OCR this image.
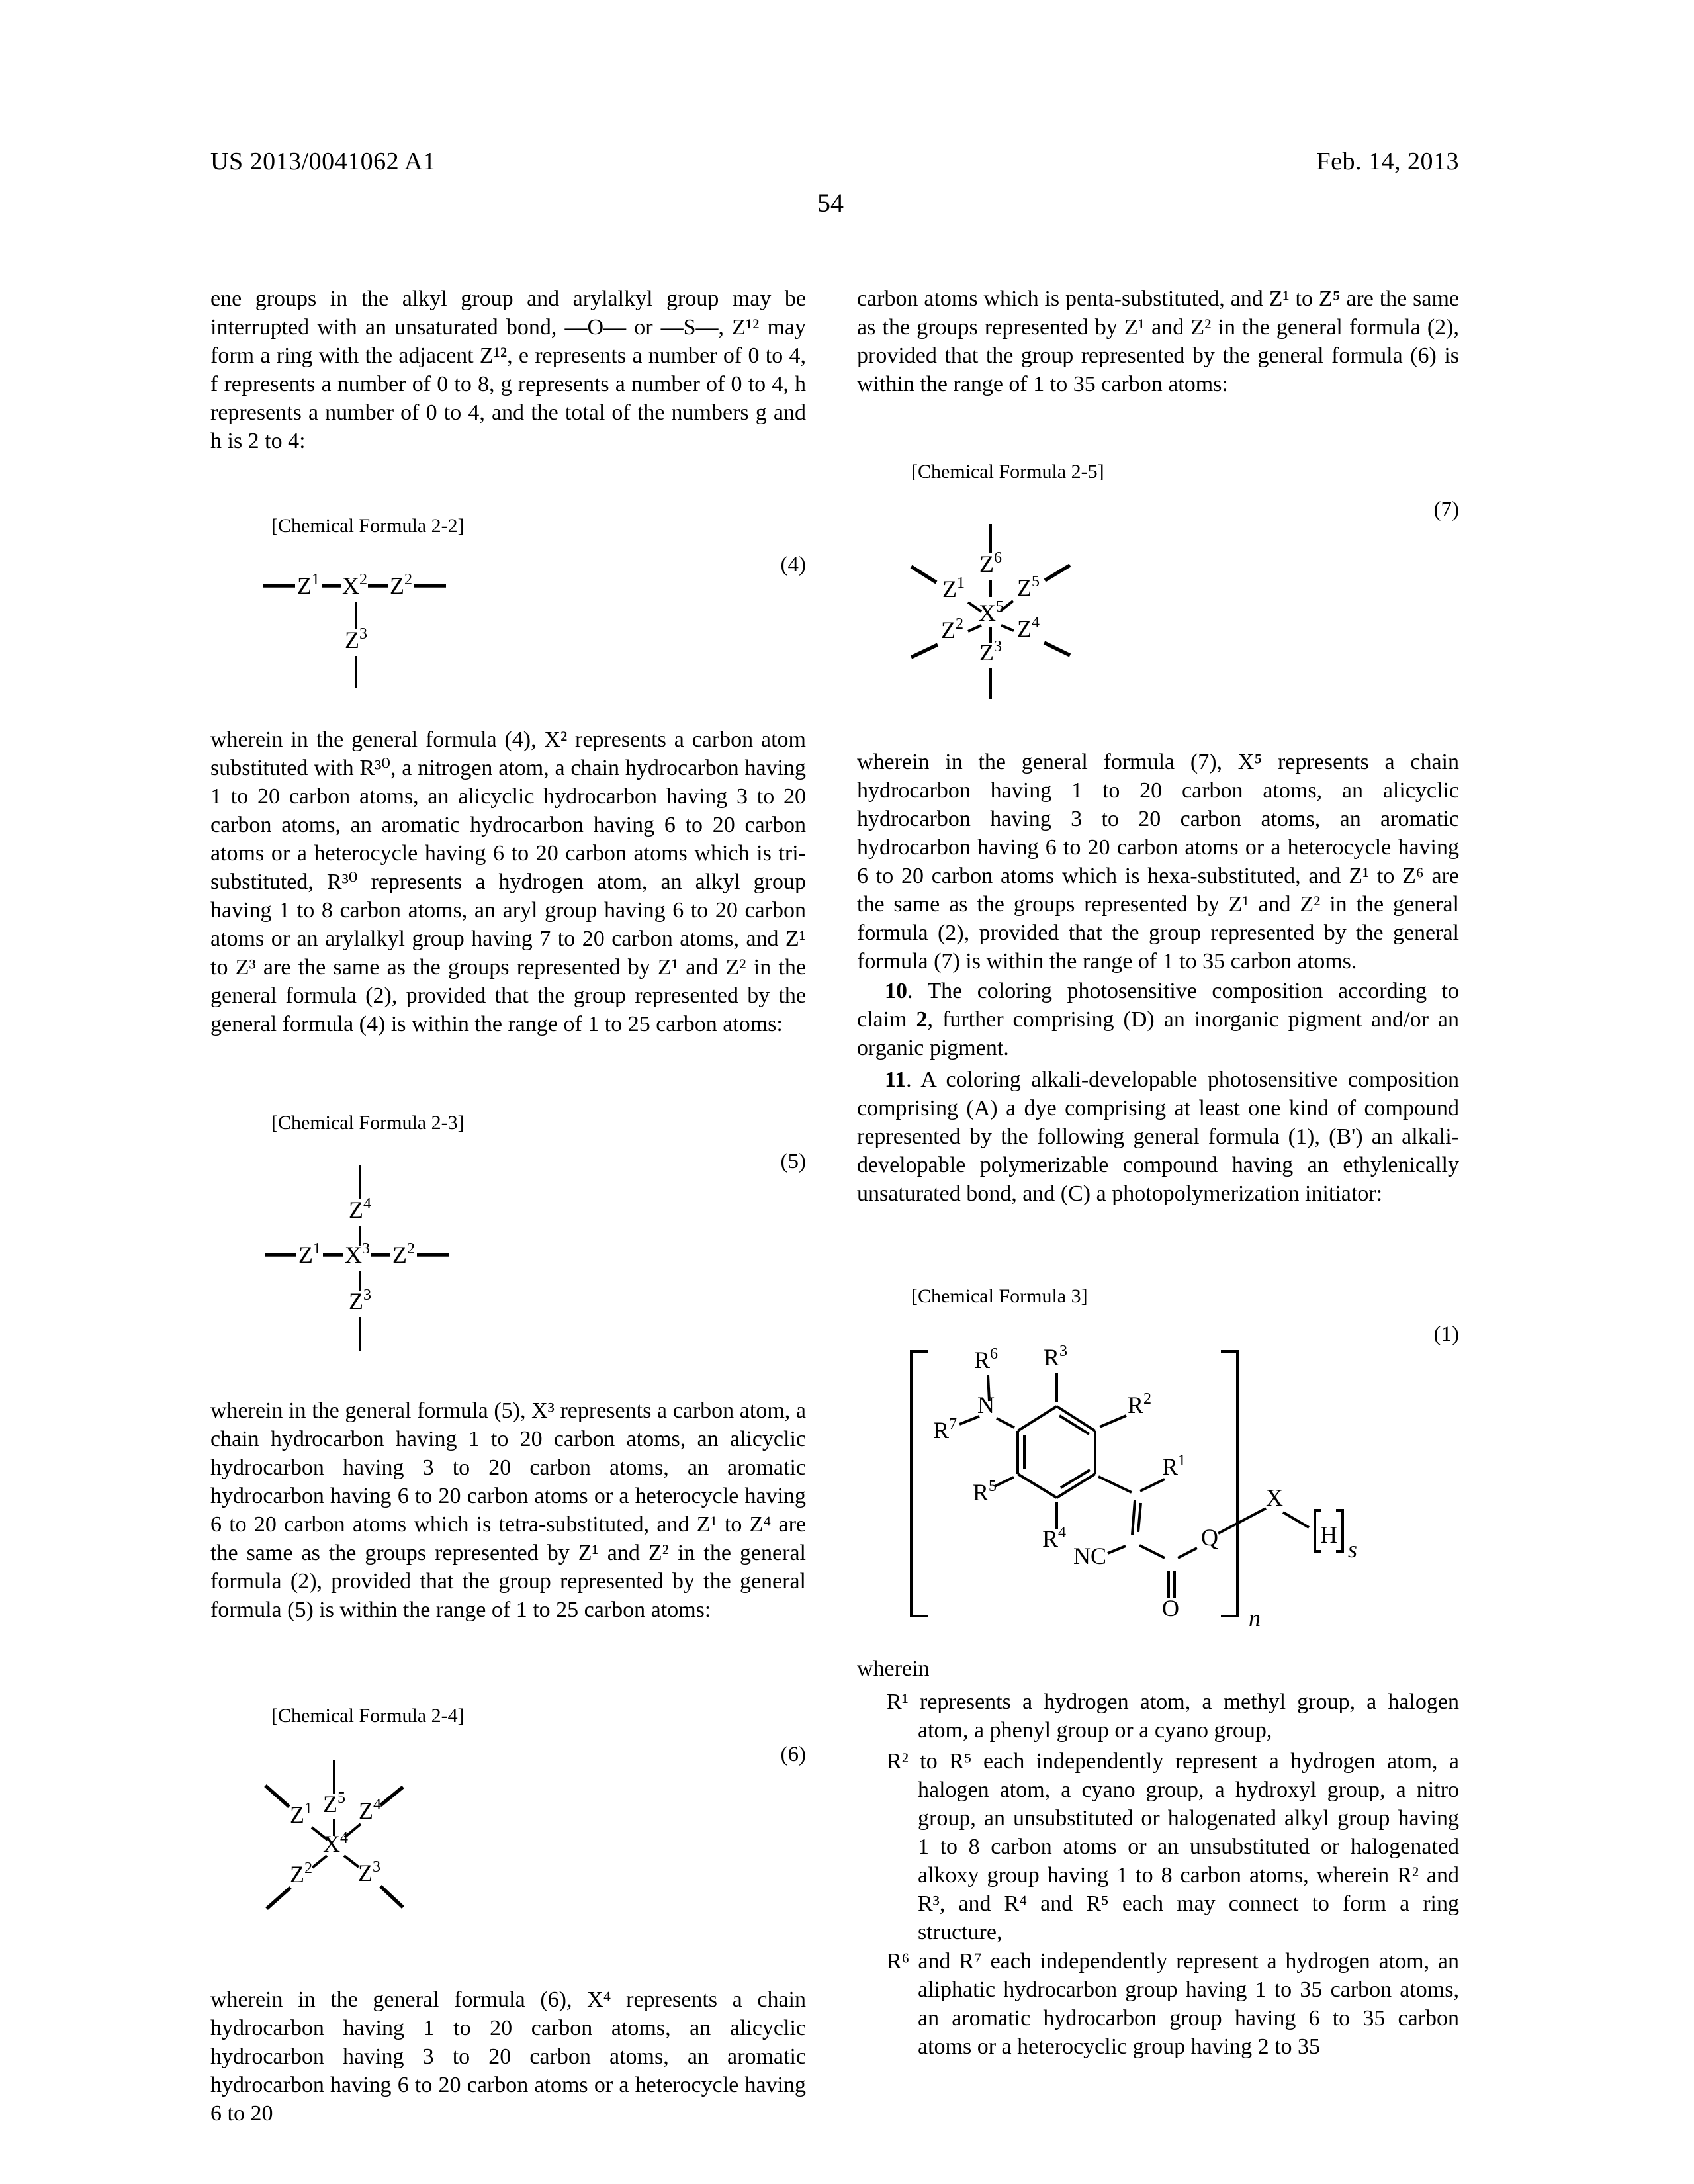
US 2013/0041062 A1	Feb. 14, 2013
54
ene groups in the alkyl group and arylalkyl group may be interrupted with an unsaturated bond, —O— or —S—, Z¹² may form a ring with the adjacent Z¹², e represents a number of 0 to 4, f represents a number of 0 to 8, g represents a number of 0 to 4, h represents a number of 0 to 4, and the total of the numbers g and h is 2 to 4:
[Chemical Formula 2-2]
(4)
$Z^1$ $X^2$ $Z^2$
$Z^3$
wherein in the general formula (4), X² represents a carbon atom substituted with R³⁰, a nitrogen atom, a chain hydrocarbon having 1 to 20 carbon atoms, an alicyclic hydrocarbon having 3 to 20 carbon atoms, an aromatic hydrocarbon having 6 to 20 carbon atoms or a heterocycle having 6 to 20 carbon atoms which is tri-substituted, R³⁰ represents a hydrogen atom, an alkyl group having 1 to 8 carbon atoms, an aryl group having 6 to 20 carbon atoms or an arylalkyl group having 7 to 20 carbon atoms, and Z¹ to Z³ are the same as the groups represented by Z¹ and Z² in the general formula (2), provided that the group represented by the general formula (4) is within the range of 1 to 25 carbon atoms:
[Chemical Formula 2-3]
(5)
$Z^4$
$Z^1$ $X^3$ $Z^2$
$Z^3$
wherein in the general formula (5), X³ represents a carbon atom, a chain hydrocarbon having 1 to 20 carbon atoms, an alicyclic hydrocarbon having 3 to 20 carbon atoms, an aromatic hydrocarbon having 6 to 20 carbon atoms or a heterocycle having 6 to 20 carbon atoms which is tetra-substituted, and Z¹ to Z⁴ are the same as the groups represented by Z¹ and Z² in the general formula (2), provided that the group represented by the general formula (5) is within the range of 1 to 25 carbon atoms:
[Chemical Formula 2-4]
(6)
$Z^5$
$X^4$
$Z^1$ $Z^4$
$Z^2$ $Z^3$
wherein in the general formula (6), X⁴ represents a chain hydrocarbon having 1 to 20 carbon atoms, an alicyclic hydrocarbon having 3 to 20 carbon atoms, an aromatic hydrocarbon having 6 to 20 carbon atoms or a heterocycle having 6 to 20
carbon atoms which is penta-substituted, and Z¹ to Z⁵ are the same as the groups represented by Z¹ and Z² in the general formula (2), provided that the group represented by the general formula (6) is within the range of 1 to 35 carbon atoms:
[Chemical Formula 2-5]
(7)
$Z^6$
$X^5$
$Z^1$ $Z^5$
$Z^2$ $Z^4$
$Z^3$
wherein in the general formula (7), X⁵ represents a chain hydrocarbon having 1 to 20 carbon atoms, an alicyclic hydrocarbon having 3 to 20 carbon atoms, an aromatic hydrocarbon having 6 to 20 carbon atoms or a heterocycle having 6 to 20 carbon atoms which is hexa-substituted, and Z¹ to Z⁶ are the same as the groups represented by Z¹ and Z² in the general formula (2), provided that the group represented by the general formula (7) is within the range of 1 to 35 carbon atoms.
10. The coloring photosensitive composition according to claim 2, further comprising (D) an inorganic pigment and/or an organic pigment.
11. A coloring alkali-developable photosensitive composition comprising (A) a dye comprising at least one kind of compound represented by the following general formula (1), (B') an alkali-developable polymerizable compound having an ethylenically unsaturated bond, and (C) a photopolymerization initiator:
[Chemical Formula 3]
(1)
n
$R^3$
N
$R^6$
$R^7$
$R^2$
$R^5$
$R^4$
$R^1$
NC
O
Q
X
H
s
wherein
R¹ represents a hydrogen atom, a methyl group, a halogen atom, a phenyl group or a cyano group,
R² to R⁵ each independently represent a hydrogen atom, a halogen atom, a cyano group, a hydroxyl group, a nitro group, an unsubstituted or halogenated alkyl group having 1 to 8 carbon atoms or an unsubstituted or halogenated alkoxy group having 1 to 8 carbon atoms, wherein R² and R³, and R⁴ and R⁵ each may connect to form a ring structure,
R⁶ and R⁷ each independently represent a hydrogen atom, an aliphatic hydrocarbon group having 1 to 35 carbon atoms, an aromatic hydrocarbon group having 6 to 35 carbon atoms or a heterocyclic group having 2 to 35
